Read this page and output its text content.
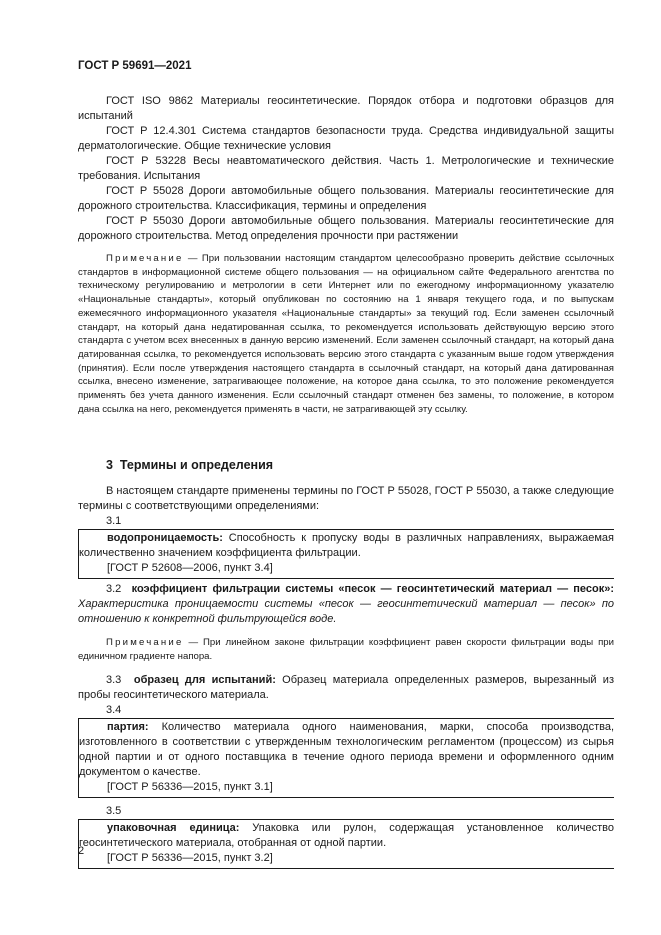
ГОСТ Р 59691—2021

ГОСТ ISO 9862 Материалы геосинтетические. Порядок отбора и подготовки образцов для испытаний

ГОСТ Р 12.4.301 Система стандартов безопасности труда. Средства индивидуальной защиты дерматологические. Общие технические условия

ГОСТ Р 53228 Весы неавтоматического действия. Часть 1. Метрологические и технические требования. Испытания

ГОСТ Р 55028 Дороги автомобильные общего пользования. Материалы геосинтетические для дорожного строительства. Классификация, термины и определения

ГОСТ Р 55030 Дороги автомобильные общего пользования. Материалы геосинтетические для дорожного строительства. Метод определения прочности при растяжении

Примечание — При пользовании настоящим стандартом целесообразно проверить действие ссылочных стандартов в информационной системе общего пользования — на официальном сайте Федерального агентства по техническому регулированию и метрологии в сети Интернет или по ежегодному информационному указателю «Национальные стандарты», который опубликован по состоянию на 1 января текущего года, и по выпускам ежемесячного информационного указателя «Национальные стандарты» за текущий год. Если заменен ссылочный стандарт, на который дана недатированная ссылка, то рекомендуется использовать действующую версию этого стандарта с учетом всех внесенных в данную версию изменений. Если заменен ссылочный стандарт, на который дана датированная ссылка, то рекомендуется использовать версию этого стандарта с указанным выше годом утверждения (принятия). Если после утверждения настоящего стандарта в ссылочный стандарт, на который дана датированная ссылка, внесено изменение, затрагивающее положение, на которое дана ссылка, то это положение рекомендуется применять без учета данного изменения. Если ссылочный стандарт отменен без замены, то положение, в котором дана ссылка на него, рекомендуется применять в части, не затрагивающей эту ссылку.

3 Термины и определения

В настоящем стандарте применены термины по ГОСТ Р 55028, ГОСТ Р 55030, а также следующие термины с соответствующими определениями:

3.1

водопроницаемость: Способность к пропуску воды в различных направлениях, выражаемая количественно значением коэффициента фильтрации.

[ГОСТ Р 52608—2006, пункт 3.4]

3.2 коэффициент фильтрации системы «песок — геосинтетический материал — песок»: Характеристика проницаемости системы «песок — геосинтетический материал — песок» по отношению к конкретной фильтрующейся воде.

Примечание — При линейном законе фильтрации коэффициент равен скорости фильтрации воды при единичном градиенте напора.

3.3 образец для испытаний: Образец материала определенных размеров, вырезанный из пробы геосинтетического материала.

3.4

партия: Количество материала одного наименования, марки, способа производства, изготовленного в соответствии с утвержденным технологическим регламентом (процессом) из сырья одной партии и от одного поставщика в течение одного периода времени и оформленного одним документом о качестве.

[ГОСТ Р 56336—2015, пункт 3.1]

3.5

упаковочная единица: Упаковка или рулон, содержащая установленное количество геосинтетического материала, отобранная от одной партии.

[ГОСТ Р 56336—2015, пункт 3.2]

2
